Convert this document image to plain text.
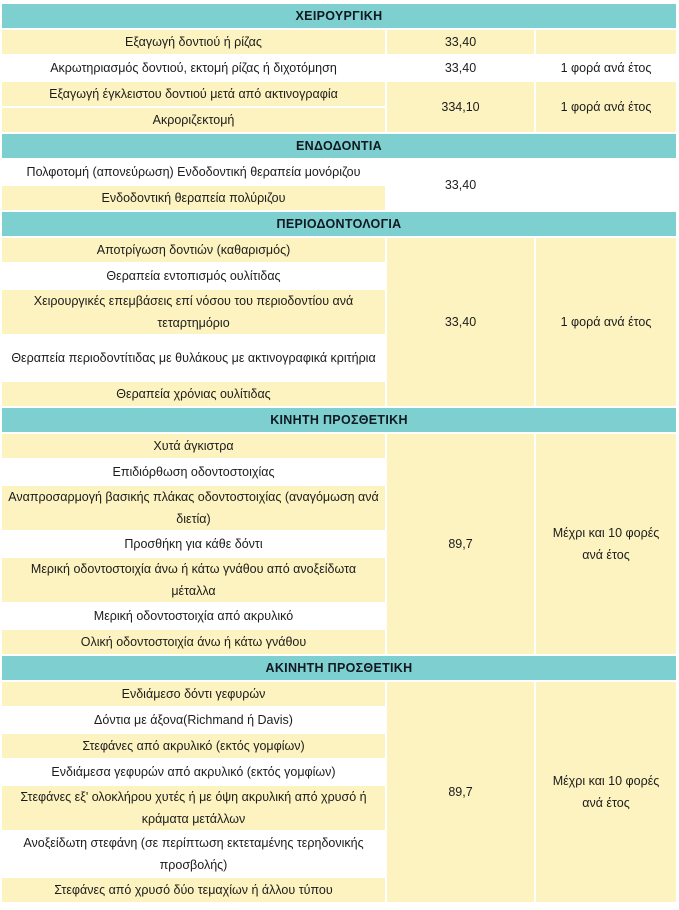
ΧΕΙΡΟΥΡΓΙΚΗ		
Εξαγωγή δοντιού ή ρίζας	33,40	
Ακρωτηριασμός δοντιού, εκτομή ρίζας ή διχοτόμηση	33,40	1 φορά ανά έτος
Εξαγωγή έγκλειστου δοντιού μετά από ακτινογραφία	334,10	1 φορά ανά έτος
Ακροριζεκτομή		
ΕΝΔΟΔΟΝΤΙΑ		
Πολφοτομή (απονεύρωση) Ενδοδοντική θεραπεία μονόριζου	33,40	
Ενδοδοντική θεραπεία πολύριζου		
ΠΕΡΙΟΔΟΝΤΟΛΟΓΙΑ		
Αποτρίγωση δοντιών (καθαρισμός)	33,40	1 φορά ανά έτος
Θεραπεία εντοπισμός ουλίτιδας		
Χειρουργικές επεμβάσεις επί νόσου του περιοδοντίου ανά τεταρτημόριο		
Θεραπεία περιοδοντίτιδας με θυλάκους με ακτινογραφικά κριτήρια		
Θεραπεία χρόνιας ουλίτιδας		
ΚΙΝΗΤΗ ΠΡΟΣΘΕΤΙΚΗ		
Χυτά άγκιστρα	89,7	Μέχρι και 10 φορές ανά έτος
Επιδιόρθωση οδοντοστοιχίας		
Αναπροσαρμογή βασικής πλάκας οδοντοστοιχίας (αναγόμωση ανά διετία)		
Προσθήκη για κάθε δόντι		
Μερική οδοντοστοιχία άνω ή κάτω γνάθου από ανοξείδωτα μέταλλα		
Μερική οδοντοστοιχία από ακρυλικό		
Ολική οδοντοστοιχία άνω ή κάτω γνάθου		
ΑΚΙΝΗΤΗ ΠΡΟΣΘΕΤΙΚΗ		
Ενδιάμεσο δόντι γεφυρών	89,7	Μέχρι και 10 φορές ανά έτος
Δόντια με άξονα(Richmand ή Davis)		
Στεφάνες από ακρυλικό (εκτός γομφίων)		
Ενδιάμεσα γεφυρών από ακρυλικό (εκτός γομφίων)		
Στεφάνες εξ' ολοκλήρου χυτές ή με όψη ακρυλική από χρυσό ή κράματα μετάλλων		
Ανοξείδωτη στεφάνη (σε περίπτωση εκτεταμένης τερηδονικής προσβολής)		
Στεφάνες από χρυσό δύο τεμαχίων ή άλλου τύπου		
